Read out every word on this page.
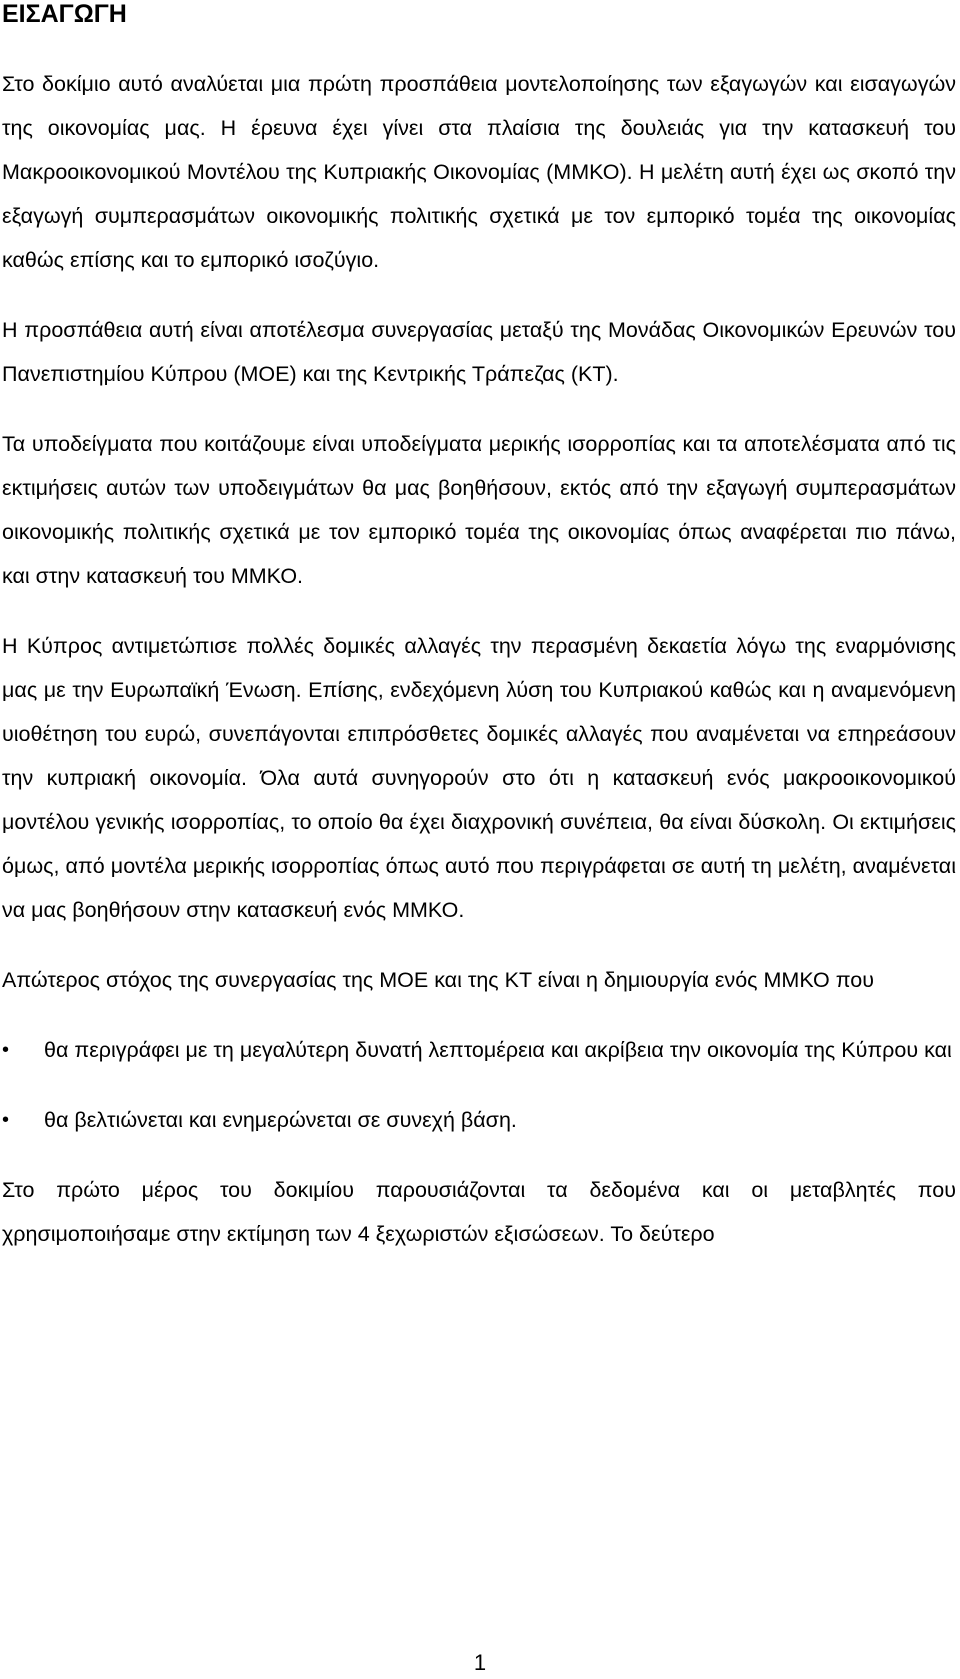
ΕΙΣΑΓΩΓΗ

Στο δοκίμιο αυτό αναλύεται μια πρώτη προσπάθεια μοντελοποίησης των εξαγωγών και εισαγωγών της οικονομίας μας. Η έρευνα έχει γίνει στα πλαίσια της δουλειάς για την κατασκευή του Μακροοικονομικού Μοντέλου της Κυπριακής Οικονομίας (ΜΜΚΟ). Η μελέτη αυτή έχει ως σκοπό την εξαγωγή συμπερασμάτων οικονομικής πολιτικής σχετικά με τον εμπορικό τομέα της οικονομίας καθώς επίσης και το εμπορικό ισοζύγιο.

Η προσπάθεια αυτή είναι αποτέλεσμα συνεργασίας μεταξύ της Μονάδας Οικονομικών Ερευνών του Πανεπιστημίου Κύπρου (ΜΟΕ) και της Κεντρικής Τράπεζας (ΚΤ).

Τα υποδείγματα που κοιτάζουμε είναι υποδείγματα μερικής ισορροπίας και τα αποτελέσματα από τις εκτιμήσεις αυτών των υποδειγμάτων θα μας βοηθήσουν, εκτός από την εξαγωγή συμπερασμάτων οικονομικής πολιτικής σχετικά με τον εμπορικό τομέα της οικονομίας όπως αναφέρεται πιο πάνω, και στην κατασκευή του ΜΜΚΟ.

Η Κύπρος αντιμετώπισε πολλές δομικές αλλαγές την περασμένη δεκαετία λόγω της εναρμόνισης μας με την Ευρωπαϊκή Ένωση. Επίσης, ενδεχόμενη λύση του Κυπριακού καθώς και η αναμενόμενη υιοθέτηση του ευρώ, συνεπάγονται επιπρόσθετες δομικές αλλαγές που αναμένεται να επηρεάσουν την κυπριακή οικονομία. Όλα αυτά συνηγορούν στο ότι η κατασκευή ενός μακροοικονομικού μοντέλου γενικής ισορροπίας, το οποίο θα έχει διαχρονική συνέπεια, θα είναι δύσκολη. Οι εκτιμήσεις όμως, από μοντέλα μερικής ισορροπίας όπως αυτό που περιγράφεται σε αυτή τη μελέτη, αναμένεται να μας βοηθήσουν στην κατασκευή ενός ΜΜΚΟ.

Απώτερος στόχος της συνεργασίας της ΜΟΕ και της ΚΤ είναι η δημιουργία ενός ΜΜΚΟ που

•	θα περιγράφει με τη μεγαλύτερη δυνατή λεπτομέρεια και ακρίβεια την οικονομία της Κύπρου και
•	θα βελτιώνεται και ενημερώνεται σε συνεχή βάση.

Στο πρώτο μέρος του δοκιμίου παρουσιάζονται τα δεδομένα και οι μεταβλητές που χρησιμοποιήσαμε στην εκτίμηση των 4 ξεχωριστών εξισώσεων. Το δεύτερο

1
